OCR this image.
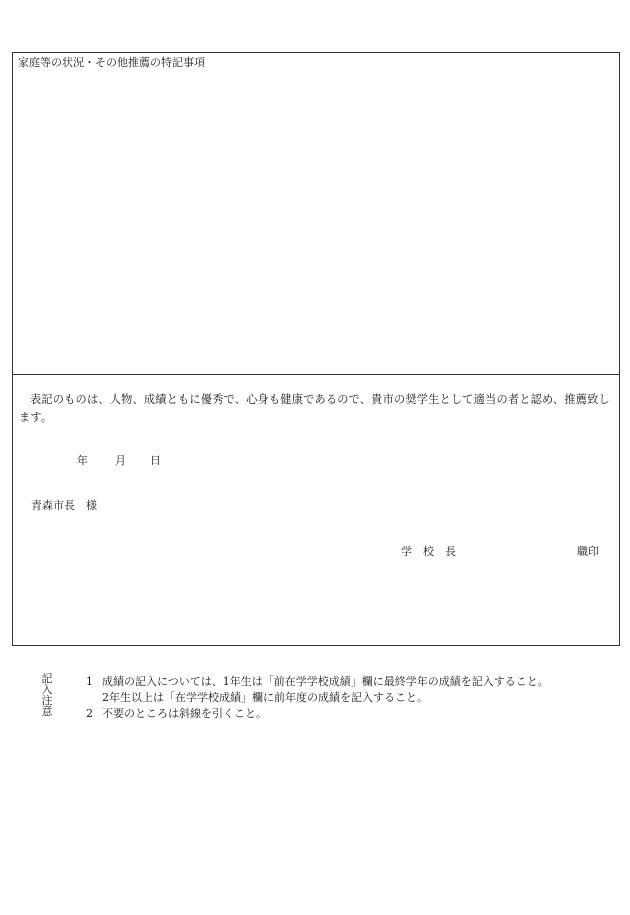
家庭等の状況・その他推薦の特記事項
表記のものは、人物、成績ともに優秀で、心身も健康であるので、貴市の奨学生として適当の者と認め、推薦致します。
年 月 日
青森市長　様
学　校　長	職印
記
入
注
意
1 成績の記入については、1年生は「前在学学校成績」欄に最終学年の成績を記入すること。
2年生以上は「在学学校成績」欄に前年度の成績を記入すること。
2 不要のところは斜線を引くこと。
